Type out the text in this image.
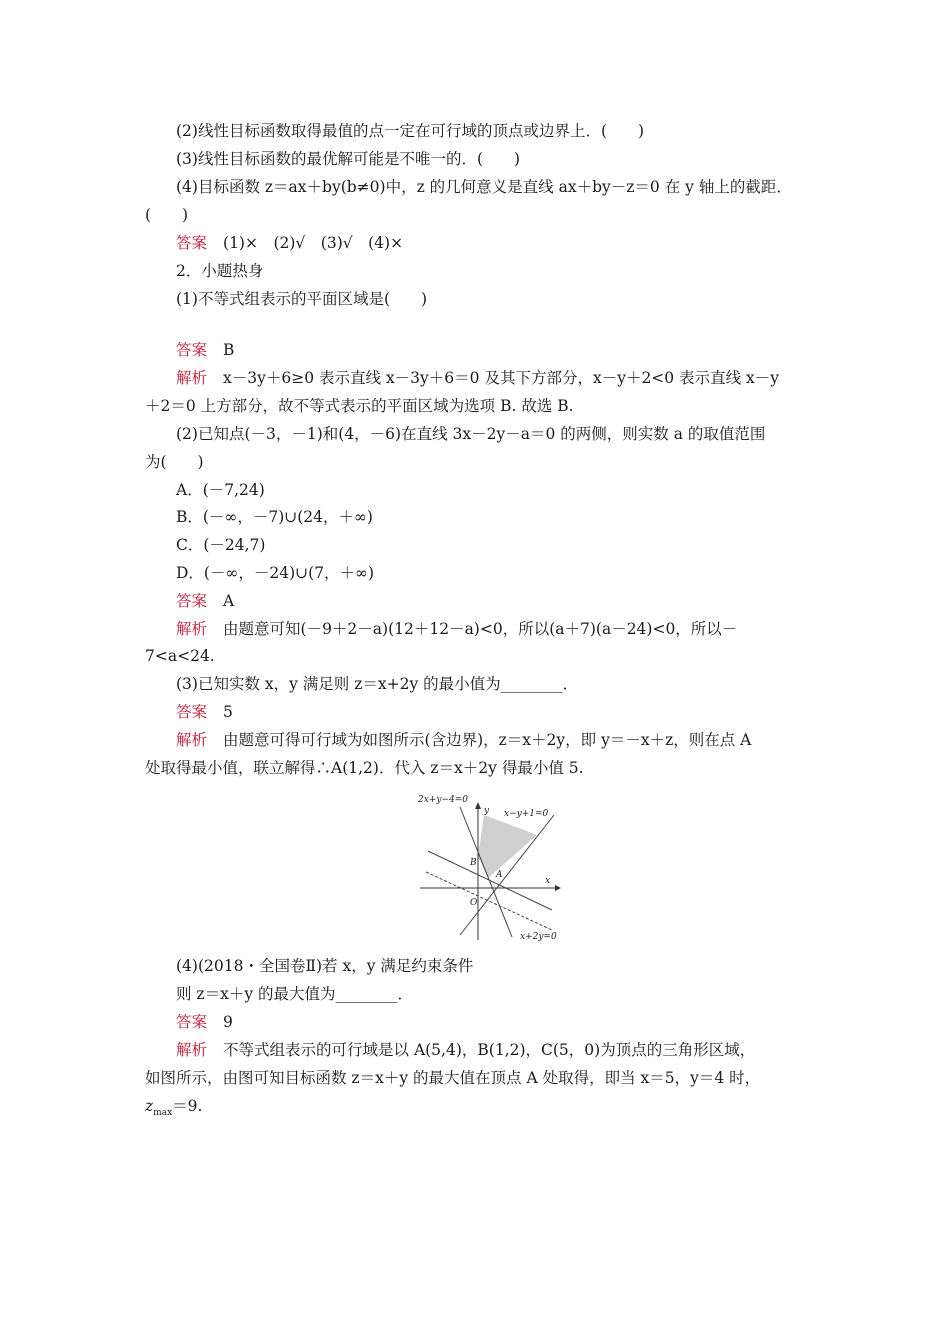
(2)线性目标函数取得最值的点一定在可行域的顶点或边界上．(　　)
(3)线性目标函数的最优解可能是不唯一的．(　　)
(4)目标函数 z＝ax＋by(b≠0)中，z 的几何意义是直线 ax＋by－z＝0 在 y 轴上的截距．
(　　)
答案 (1)×　(2)√　(3)√　(4)×
2．小题热身
(1)不等式组表示的平面区域是(　　)
答案 B
解析 x－3y＋6≥0 表示直线 x－3y＋6＝0 及其下方部分，x－y＋2<0 表示直线 x－y
＋2＝0 上方部分，故不等式表示的平面区域为选项 B. 故选 B.
(2)已知点(－3，－1)和(4，－6)在直线 3x－2y－a＝0 的两侧，则实数 a 的取值范围
为(　　)
A．(－7,24)
B．(－∞，－7)∪(24，＋∞)
C．(－24,7)
D．(－∞，－24)∪(7，＋∞)
答案 A
解析 由题意可知(－9＋2－a)(12＋12－a)<0，所以(a＋7)(a－24)<0，所以－
7<a<24.
(3)已知实数 x，y 满足则 z＝x+2y 的最小值为________．
答案 5
解析 由题意可得可行域为如图所示(含边界)，z＝x＋2y，即 y＝－x＋z，则在点 A
处取得最小值，联立解得∴A(1,2)．代入 z＝x＋2y 得最小值 5.
2x+y−4=0
x−y+1=0
x+2y=0
y
x
O
A
B
(4)(2018・全国卷Ⅱ)若 x，y 满足约束条件
则 z＝x＋y 的最大值为________．
答案 9
解析 不等式组表示的可行域是以 A(5,4)，B(1,2)，C(5，0)为顶点的三角形区域，
如图所示，由图可知目标函数 z＝x＋y 的最大值在顶点 A 处取得，即当 x＝5，y＝4 时，
$z_{max}=9$.
